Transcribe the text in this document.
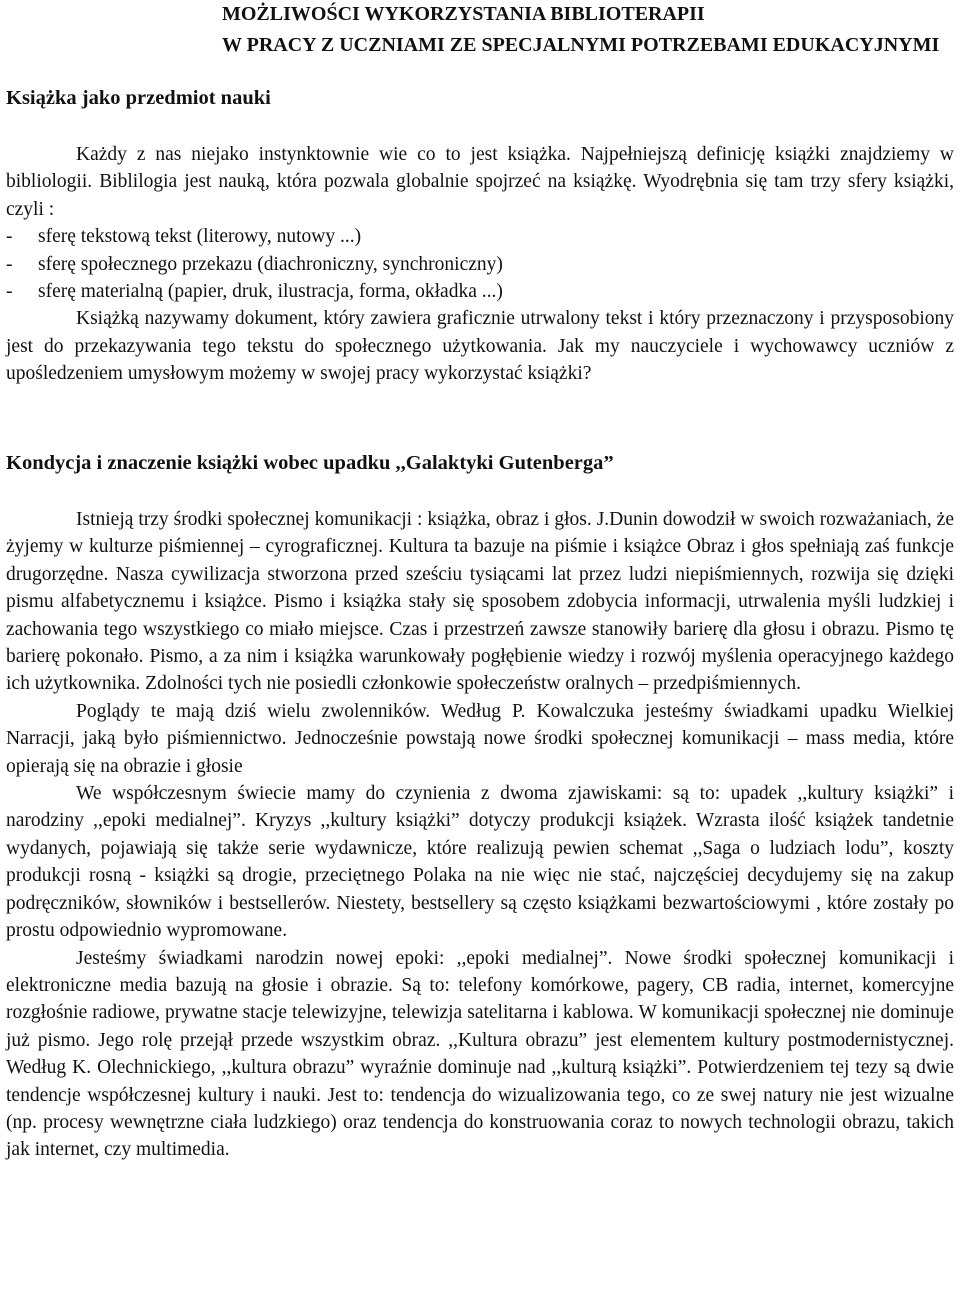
MOŻLIWOŚCI WYKORZYSTANIA BIBLIOTERAPII
W PRACY Z UCZNIAMI ZE SPECJALNYMI POTRZEBAMI EDUKACYJNYMI
Książka jako przedmiot nauki

Każdy z nas niejako instynktownie wie co to jest książka. Najpełniejszą definicję książki znajdziemy w bibliologii. Biblilogia jest nauką, która pozwala globalnie spojrzeć na książkę. Wyodrębnia się tam trzy sfery książki, czyli :

-	sferę tekstową tekst (literowy, nutowy ...)

-	sferę społecznego przekazu (diachroniczny, synchroniczny)

-	sferę materialną (papier, druk, ilustracja, forma, okładka ...)

Książką nazywamy dokument, który zawiera graficznie utrwalony tekst i który przeznaczony i przysposobiony jest do przekazywania tego tekstu do społecznego użytkowania. Jak my nauczyciele i wychowawcy uczniów z upośledzeniem umysłowym możemy w swojej pracy wykorzystać książki?

Kondycja i znaczenie książki wobec upadku ,,Galaktyki Gutenberga”

Istnieją trzy środki społecznej komunikacji : książka, obraz i głos. J.Dunin dowodził w swoich rozważaniach, że żyjemy w kulturze piśmiennej – cyrograficznej. Kultura ta bazuje na piśmie i książce Obraz i głos spełniają zaś funkcje drugorzędne. Nasza cywilizacja stworzona przed sześciu tysiącami lat przez ludzi niepiśmiennych, rozwija się dzięki pismu alfabetycznemu i książce. Pismo i książka stały się sposobem zdobycia informacji, utrwalenia myśli ludzkiej i zachowania tego wszystkiego co miało miejsce. Czas i przestrzeń zawsze stanowiły barierę dla głosu i obrazu. Pismo tę barierę pokonało. Pismo, a za nim i książka warunkowały pogłębienie wiedzy i rozwój myślenia operacyjnego każdego ich użytkownika. Zdolności tych nie posiedli członkowie społeczeństw oralnych – przedpiśmiennych.

Poglądy te mają dziś wielu zwolenników. Według P. Kowalczuka jesteśmy świadkami upadku Wielkiej Narracji, jaką było piśmiennictwo. Jednocześnie powstają nowe środki społecznej komunikacji – mass media, które opierają się na obrazie i głosie

We współczesnym świecie mamy do czynienia z dwoma zjawiskami: są to: upadek ,,kultury książki” i narodziny ,,epoki medialnej”. Kryzys ,,kultury książki” dotyczy produkcji książek. Wzrasta ilość książek tandetnie wydanych, pojawiają się także serie wydawnicze, które realizują pewien schemat ,,Saga o ludziach lodu”, koszty produkcji rosną - książki są drogie, przeciętnego Polaka na nie więc nie stać, najczęściej decydujemy się na zakup podręczników, słowników i bestsellerów. Niestety, bestsellery są często książkami bezwartościowymi , które zostały po prostu odpowiednio wypromowane.

Jesteśmy świadkami narodzin nowej epoki: ,,epoki medialnej”. Nowe środki społecznej komunikacji i elektroniczne media bazują na głosie i obrazie. Są to: telefony komórkowe, pagery, CB radia, internet, komercyjne rozgłośnie radiowe, prywatne stacje telewizyjne, telewizja satelitarna i kablowa. W komunikacji społecznej nie dominuje już pismo. Jego rolę przejął przede wszystkim obraz. ,,Kultura obrazu” jest elementem kultury postmodernistycznej. Według K. Olechnickiego, ,,kultura obrazu” wyraźnie dominuje nad ,,kulturą książki”. Potwierdzeniem tej tezy są dwie tendencje współczesnej kultury i nauki. Jest to: tendencja do wizualizowania tego, co ze swej natury nie jest wizualne (np. procesy wewnętrzne ciała ludzkiego) oraz tendencja do konstruowania coraz to nowych technologii obrazu, takich jak internet, czy multimedia.
